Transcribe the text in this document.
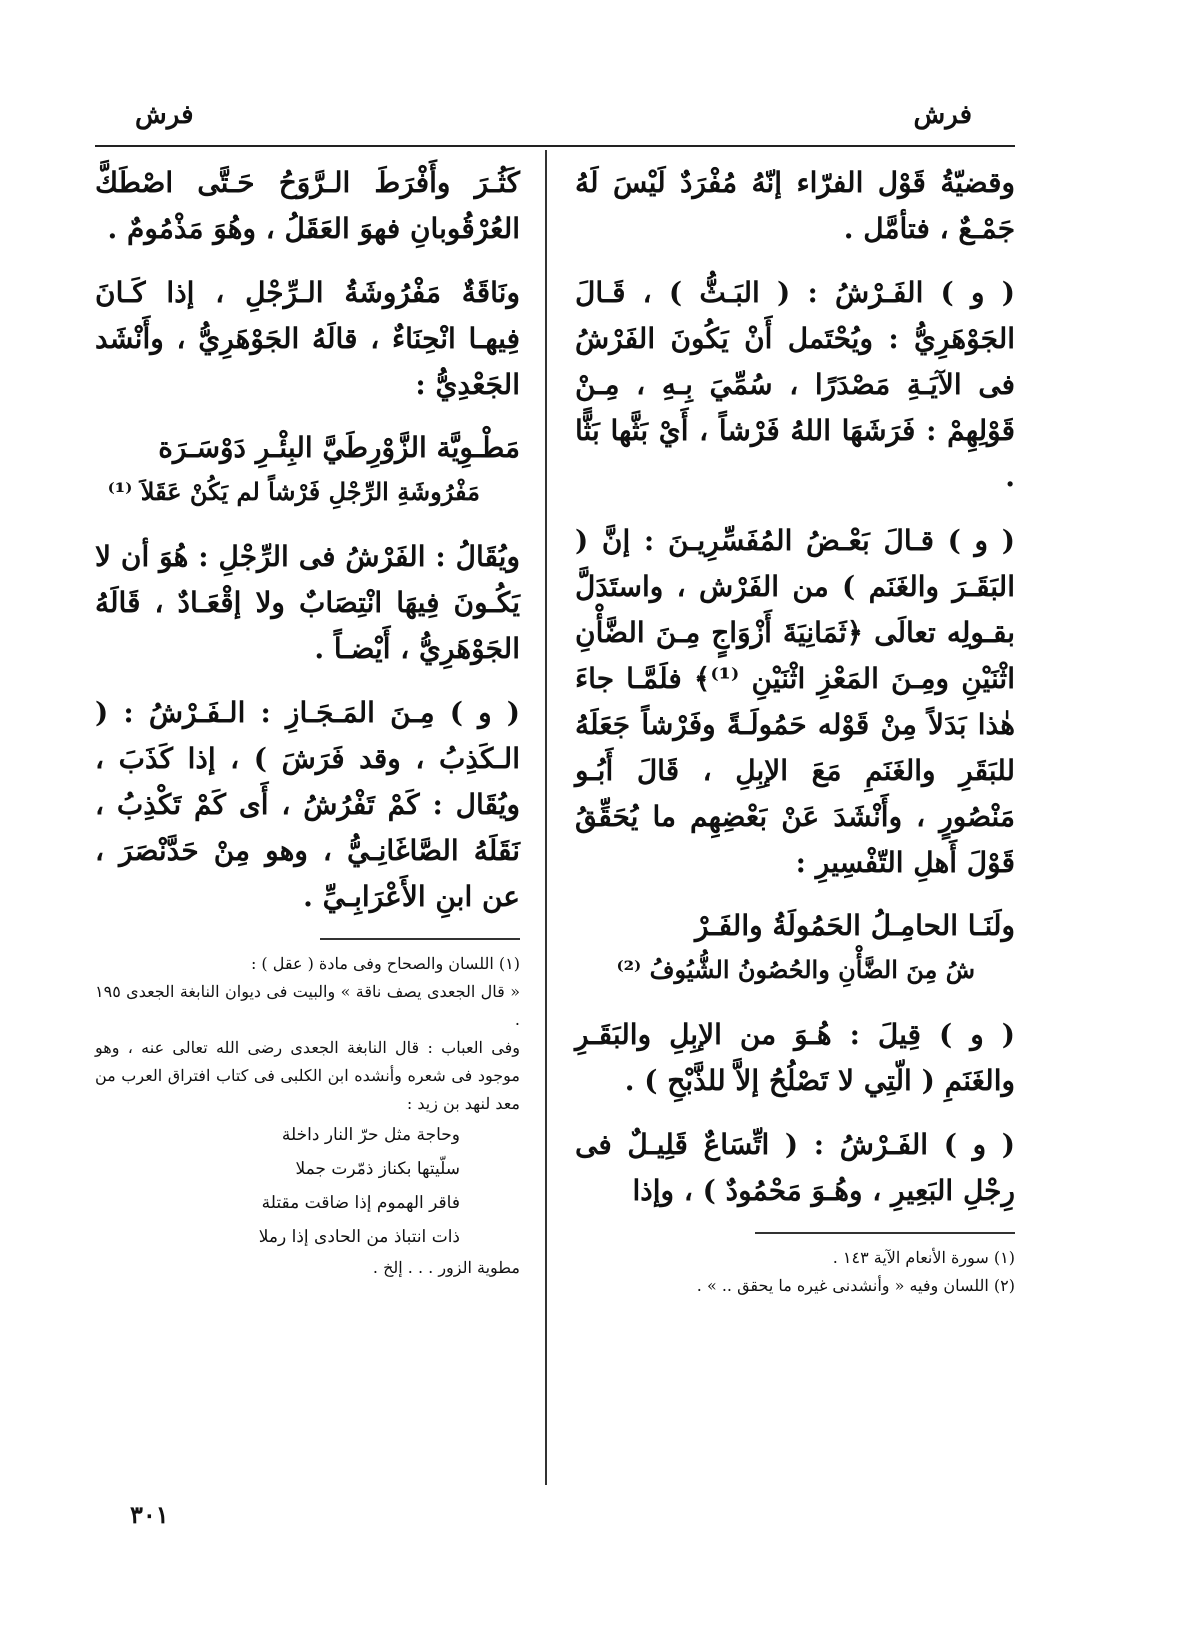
فرش
فرش

وقضيّةُ قَوْل الفرّاء إنّهُ مُفْرَدٌ لَيْسَ لَهُ جَمْـعٌ ، فتأمَّل .

( و ) الفَـرْشُ : ( البَـثُّ ) ، قَـالَ الجَوْهَرِيُّ : ويُحْتَمل أَنْ يَكُونَ الفَرْشُ فى الآيَـةِ مَصْدَرًا ، سُمِّيَ بِـهِ ، مِـنْ قَوْلِهِمْ : فَرَشَهَا اللهُ فَرْشاً ، أَيْ بَثَّها بَثًّا .

( و ) قـالَ بَعْـضُ المُفَسِّرِيـنَ : إنَّ ( البَقَـرَ والغَنَم ) من الفَرْش ، واستَدَلَّ بقـولِه تعالَى ﴿ثَمَانِيَةَ أَزْوَاجٍ مِـنَ الضَّأْنِ اثْنَيْنِ ومِـنَ المَعْزِ اثْنَيْنِ ⁽¹⁾﴾ فلَمَّـا جاءَ هٰذا بَدَلاً مِنْ قَوْله حَمُولَـةً وفَرْشاً جَعَلَهُ للبَقَرِ والغَنَمِ مَعَ الإبِلِ ، قَالَ أَبُـو مَنْصُورٍ ، وأَنْشَدَ عَنْ بَعْضِهِم ما يُحَقِّقُ قَوْلَ أَهلِ التّفْسِيرِ :

ولَنَـا الحامِـلُ الحَمُولَةُ والفَـرْ
شُ مِنَ الضَّأْنِ والحُصُونُ الشُّيُوفُ ⁽²⁾

( و ) قِيلَ : هُـوَ من الإبِلِ والبَقَـرِ والغَنَمِ ( الّتِي لا تَصْلُحُ إلاَّ للذَّبْحِ ) .

( و ) الفَـرْشُ : ( اتِّسَاعٌ قَلِيـلٌ فى رِجْلِ البَعِيرِ ، وهُـوَ مَحْمُودٌ ) ، وإذا

(١) سورة الأنعام الآية ١٤٣ .

(٢) اللسان وفيه « وأنشدنى غيره ما يحقق .. » .

كَثُـرَ وأَفْرَطَ الـرَّوَحُ حَـتَّى اصْطَكَّ العُرْقُوبانِ فهوَ العَقَلُ ، وهُوَ مَذْمُومٌ .

ونَاقَةٌ مَفْرُوشَةُ الـرِّجْلِ ، إذا كَـانَ فِيهـا انْحِنَاءٌ ، قالَهُ الجَوْهَرِيُّ ، وأَنْشَد الجَعْدِيُّ :

مَطْـوِيَّة الزَّوْرِطَيَّ البِئْـرِ دَوْسَـرَة
مَفْرُوشَةِ الرِّجْلِ فَرْشاً لم يَكُنْ عَقَلاَ ⁽¹⁾

ويُقَالُ : الفَرْشُ فى الرِّجْلِ : هُوَ أن لا يَكُـونَ فِيهَا انْتِصَابٌ ولا إقْعَـادٌ ، قَالَهُ الجَوْهَرِيُّ ، أَيْضـاً .

( و ) مِـنَ المَـجَـازِ : الـفَـرْشُ : ( الـكَذِبُ ، وقد فَرَشَ ) ، إذا كَذَبَ ، ويُقَال : كَمْ تَفْرُشُ ، أَى كَمْ تَكْذِبُ ، نَقَلَهُ الصَّاغَانِـيُّ ، وهو مِنْ حَدَّنْصَرَ ، عن ابنِ الأَعْرَابِـيِّ .

(١) اللسان والصحاح وفى مادة ( عقل ) :

« قال الجعدى يصف ناقة » والبيت فى ديوان النابغة الجعدى ١٩٥ .

وفى العباب : قال النابغة الجعدى رضى الله تعالى عنه ، وهو موجود فى شعره وأنشده ابن الكلبى فى كتاب افتراق العرب من معد لنهد بن زيد :

وحاجة مثل حرّ النار داخلة

سلّيتها بكناز ذمّرت جملا

فاقر الهموم إذا ضاقت مقتلة

ذات انتباذ من الحادى إذا رملا

مطوية الزور . . . إلخ .

٣٠١
